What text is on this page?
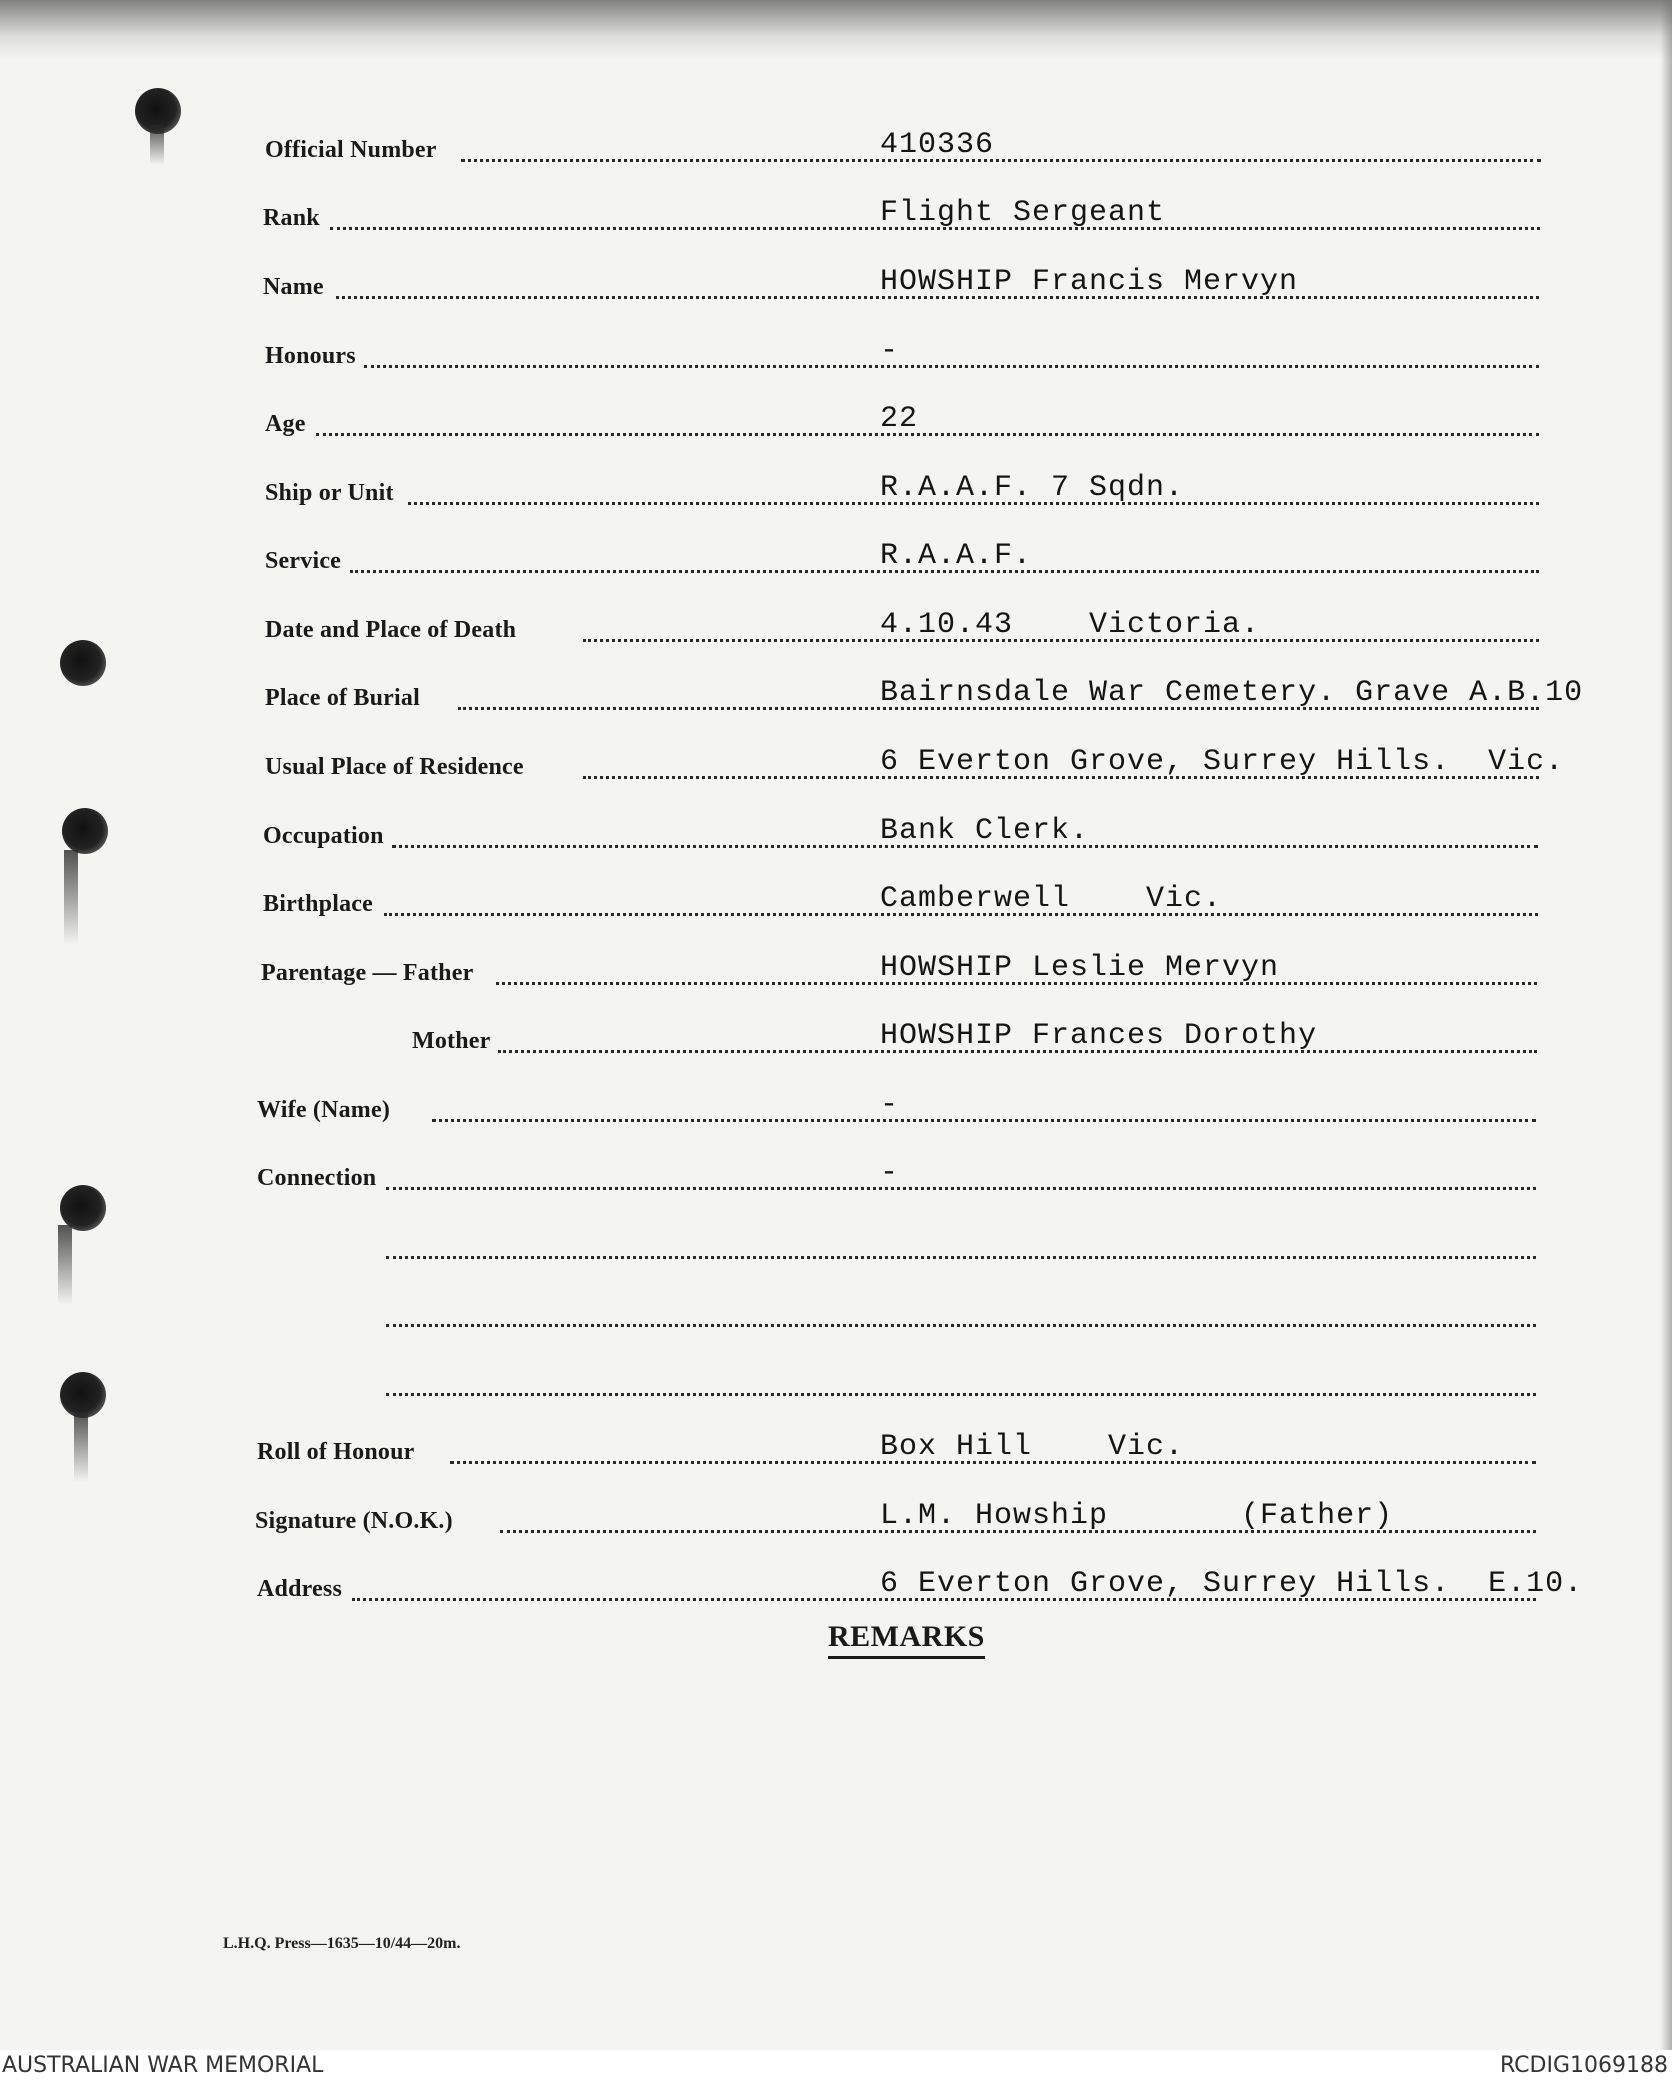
Official Number	410336
Rank	Flight Sergeant
Name	HOWSHIP Francis Mervyn
Honours	-
Age	22
Ship or Unit	R.A.A.F. 7 Sqdn.
Service	R.A.A.F.
Date and Place of Death	4.10.43    Victoria.
Place of Burial	Bairnsdale War Cemetery. Grave A.B.10
Usual Place of Residence	6 Everton Grove, Surrey Hills.  Vic.
Occupation	Bank Clerk.
Birthplace	Camberwell    Vic.
Parentage — Father	HOWSHIP Leslie Mervyn
Mother	HOWSHIP Frances Dorothy
Wife (Name)	-
Connection	-
Roll of Honour	Box Hill    Vic.
Signature (N.O.K.)	L.M. Howship       (Father)
Address	6 Everton Grove, Surrey Hills.  E.10.
REMARKS
L.H.Q. Press—1635—10/44—20m.
AUSTRALIAN WAR MEMORIAL	RCDIG1069188
